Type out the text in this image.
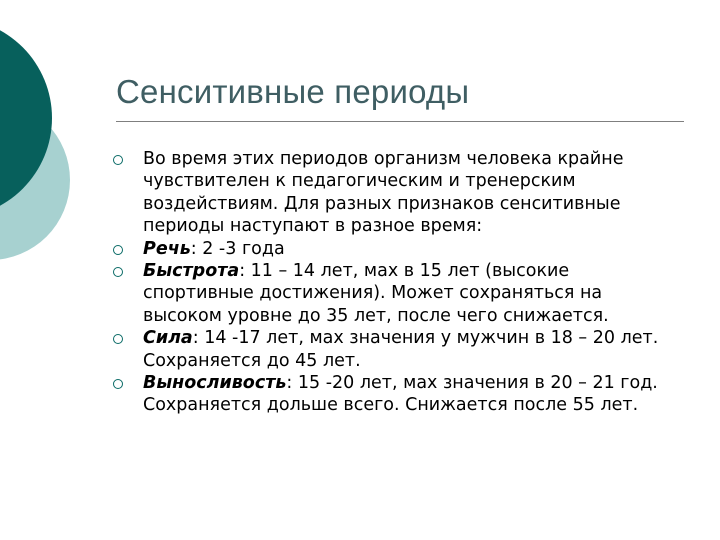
Сенситивные периоды
Во время этих периодов организм человека крайне чувствителен к педагогическим и тренерским воздействиям. Для разных признаков сенситивные периоды наступают в разное время:
Речь: 2 -3 года
Быстрота: 11 – 14 лет, мах в 15 лет (высокие спортивные достижения). Может сохраняться на высоком уровне до 35 лет, после чего снижается.
Сила: 14 -17 лет, мах значения у мужчин в 18 – 20 лет. Сохраняется до 45 лет.
Выносливость: 15 -20 лет, мах значения в 20 – 21 год. Сохраняется дольше всего. Снижается после 55 лет.
